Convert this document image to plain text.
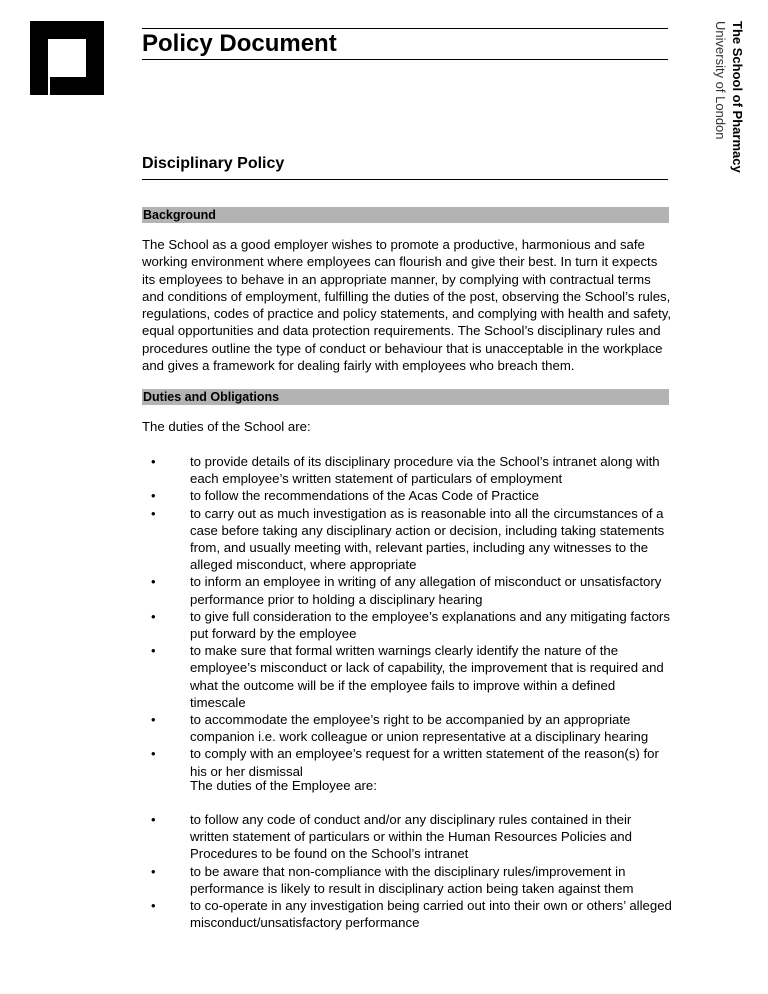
Policy Document	The School of Pharmacy
University of London
Disciplinary Policy
Background

The School as a good employer wishes to promote a productive, harmonious and safe working environment where employees can flourish and give their best. In turn it expects its employees to behave in an appropriate manner, by complying with contractual terms and conditions of employment, fulfilling the duties of the post, observing the School’s rules, regulations, codes of practice and policy statements, and complying with health and safety, equal opportunities and data protection requirements. The School’s disciplinary rules and procedures outline the type of conduct or behaviour that is unacceptable in the workplace and gives a framework for dealing fairly with employees who breach them.

Duties and Obligations

The duties of the School are:

• to provide details of its disciplinary procedure via the School’s intranet along with each employee’s written statement of particulars of employment
• to follow the recommendations of the Acas Code of Practice
• to carry out as much investigation as is reasonable into all the circumstances of a case before taking any disciplinary action or decision, including taking statements from, and usually meeting with, relevant parties, including any witnesses to the alleged misconduct, where appropriate
• to inform an employee in writing of any allegation of misconduct or unsatisfactory performance prior to holding a disciplinary hearing
• to give full consideration to the employee’s explanations and any mitigating factors put forward by the employee
• to make sure that formal written warnings clearly identify the nature of the employee’s misconduct or lack of capability, the improvement that is required and what the outcome will be if the employee fails to improve within a defined timescale
• to accommodate the employee’s right to be accompanied by an appropriate companion i.e. work colleague or union representative at a disciplinary hearing
• to comply with an employee’s request for a written statement of the reason(s) for his or her dismissal

The duties of the Employee are:

• to follow any code of conduct and/or any disciplinary rules contained in their written statement of particulars or within the Human Resources Policies and Procedures to be found on the School’s intranet
• to be aware that non-compliance with the disciplinary rules/improvement in performance is likely to result in disciplinary action being taken against them
• to co-operate in any investigation being carried out into their own or others’ alleged misconduct/unsatisfactory performance
